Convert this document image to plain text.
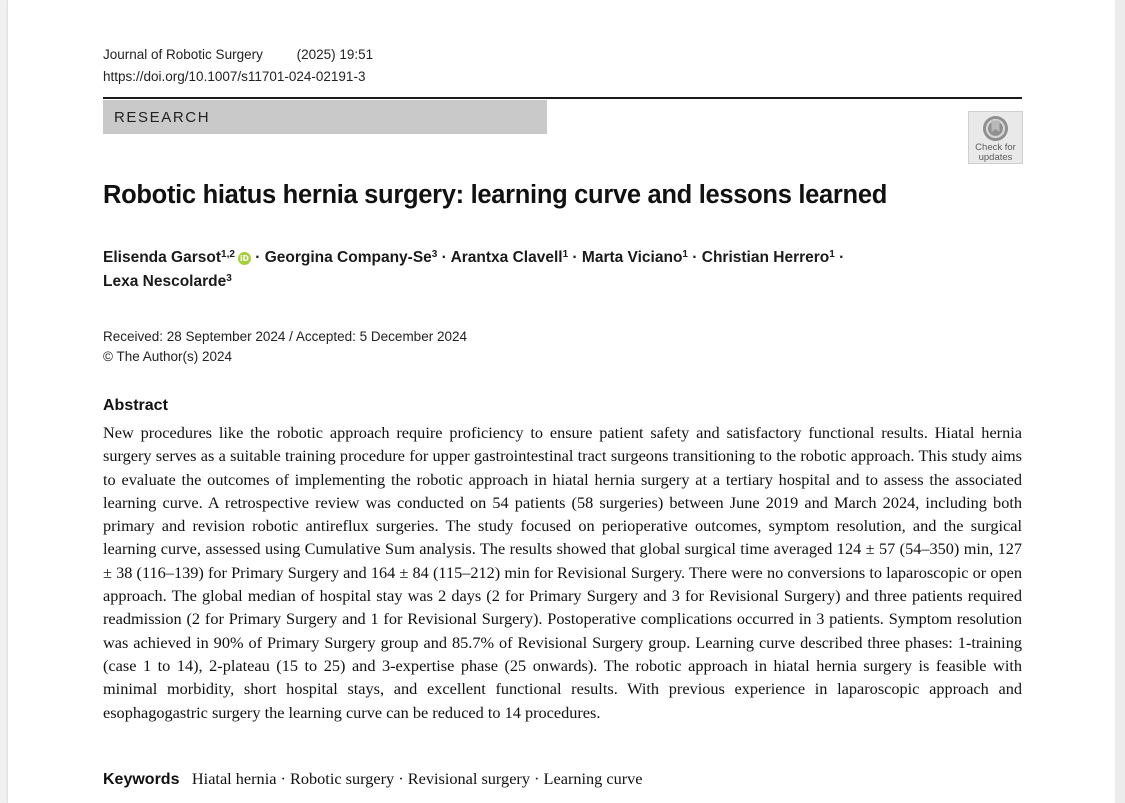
Journal of Robotic Surgery	(2025) 19:51
https://doi.org/10.1007/s11701-024-02191-3
RESEARCH
Check for
updates
Robotic hiatus hernia surgery: learning curve and lessons learned
Elisenda Garsot$^{1,2}$ iD · Georgina Company-$Se^3$ · Arantxa Clavell$^1$ · Marta Viciano$^1$ · Christian Herrero$^1$ ·
Lexa Nescolarde$^3$
Received: 28 September 2024 / Accepted: 5 December 2024
© The Author(s) 2024
Abstract

New procedures like the robotic approach require proficiency to ensure patient safety and satisfactory functional results. Hiatal hernia surgery serves as a suitable training procedure for upper gastrointestinal tract surgeons transitioning to the robotic approach. This study aims to evaluate the outcomes of implementing the robotic approach in hiatal hernia surgery at a tertiary hospital and to assess the associated learning curve. A retrospective review was conducted on 54 patients (58 surgeries) between June 2019 and March 2024, including both primary and revision robotic antireflux surgeries. The study focused on perioperative outcomes, symptom resolution, and the surgical learning curve, assessed using Cumulative Sum analysis. The results showed that global surgical time averaged 124 ± 57 (54–350) min, 127 ± 38 (116–139) for Primary Surgery and 164 ± 84 (115–212) min for Revisional Surgery. There were no conversions to laparoscopic or open approach. The global median of hospital stay was 2 days (2 for Primary Surgery and 3 for Revisional Surgery) and three patients required readmission (2 for Primary Surgery and 1 for Revisional Surgery). Postoperative complications occurred in 3 patients. Symptom resolution was achieved in 90% of Primary Surgery group and 85.7% of Revisional Surgery group. Learning curve described three phases: 1-training (case 1 to 14), 2-plateau (15 to 25) and 3-expertise phase (25 onwards). The robotic approach in hiatal hernia surgery is feasible with minimal morbidity, short hospital stays, and excellent functional results. With previous experience in laparoscopic approach and esophagogastric surgery the learning curve can be reduced to 14 procedures.

Keywords Hiatal hernia · Robotic surgery · Revisional surgery · Learning curve
